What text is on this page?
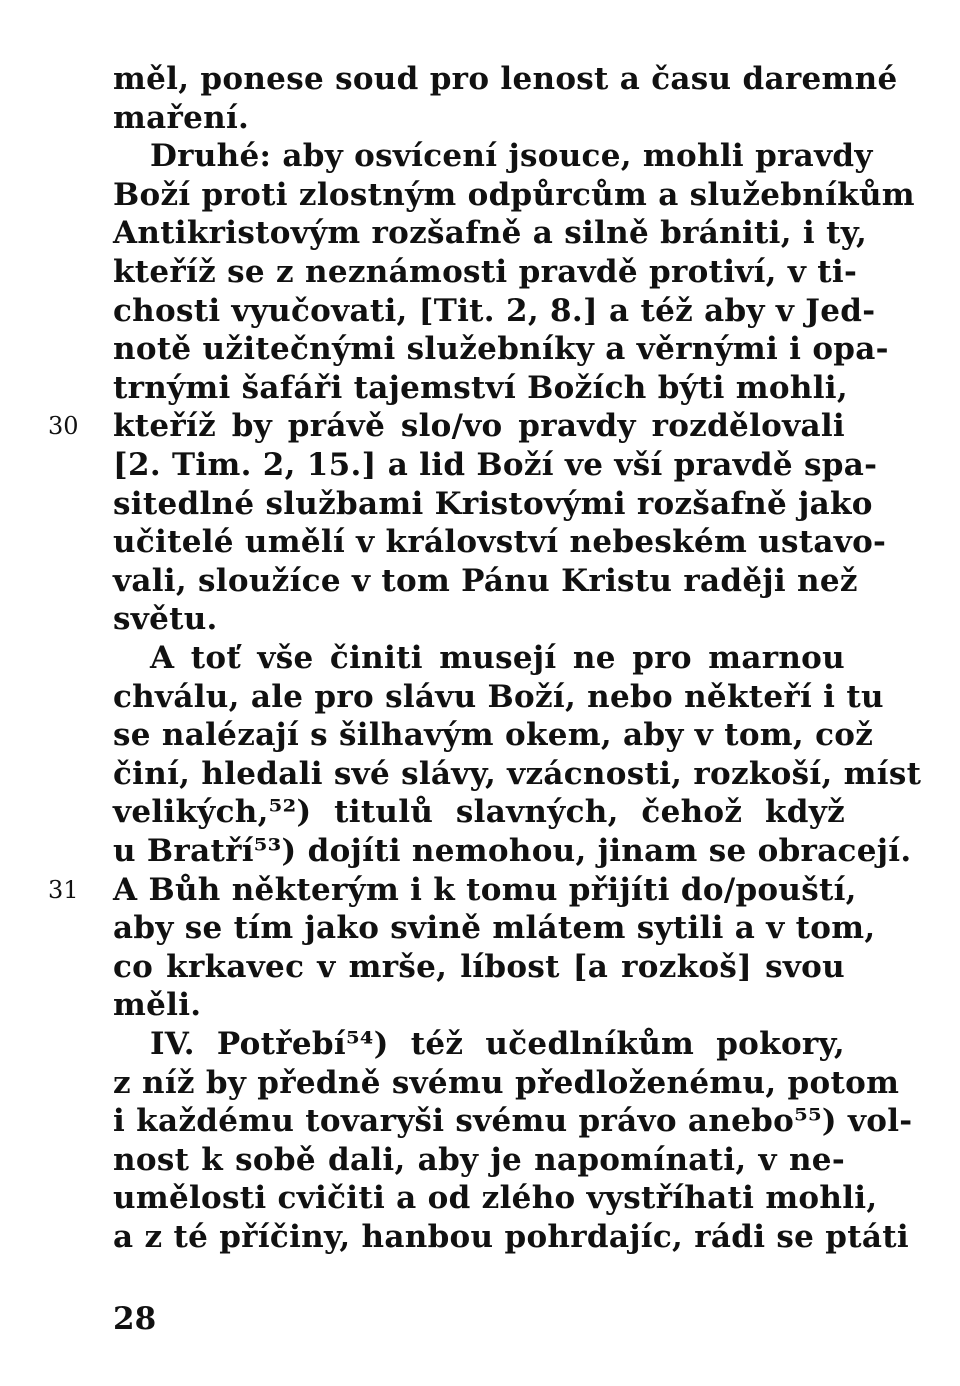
měl, ponese soud pro lenost a času daremné
maření.
Druhé: aby osvícení jsouce, mohli pravdy
Boží proti zlostným odpůrcům a služebníkům
Antikristovým rozšafně a silně brániti, i ty,
kteříž se z neznámosti pravdě protiví, v ti-
chosti vyučovati, [Tit. 2, 8.] a též aby v Jed-
notě užitečnými služebníky a věrnými i opa-
trnými šafáři tajemství Božích býti mohli,
kteříž by právě slo/vo pravdy rozdělovali
30
[2. Tim. 2, 15.] a lid Boží ve vší pravdě spa-
sitedlné službami Kristovými rozšafně jako
učitelé umělí v království nebeském ustavo-
vali, sloužíce v tom Pánu Kristu raději než
světu.
A toť vše činiti musejí ne pro marnou
chválu, ale pro slávu Boží, nebo někteří i tu
se nalézají s šilhavým okem, aby v tom, což
činí, hledali své slávy, vzácnosti, rozkoší, míst
velikých,⁵²) titulů slavných, čehož když
u Bratří⁵³) dojíti nemohou, jinam se obracejí.
A Bůh některým i k tomu přijíti do/pouští,
31
aby se tím jako svině mlátem sytili a v tom,
co krkavec v mrše, líbost [a rozkoš] svou
měli.
IV. Potřebí⁵⁴) též učedlníkům pokory,
z níž by předně svému předloženému, potom
i každému tovaryši svému právo anebo⁵⁵) vol-
nost k sobě dali, aby je napomínati, v ne-
umělosti cvičiti a od zlého vystříhati mohli,
a z té příčiny, hanbou pohrdajíc, rádi se ptáti
28
